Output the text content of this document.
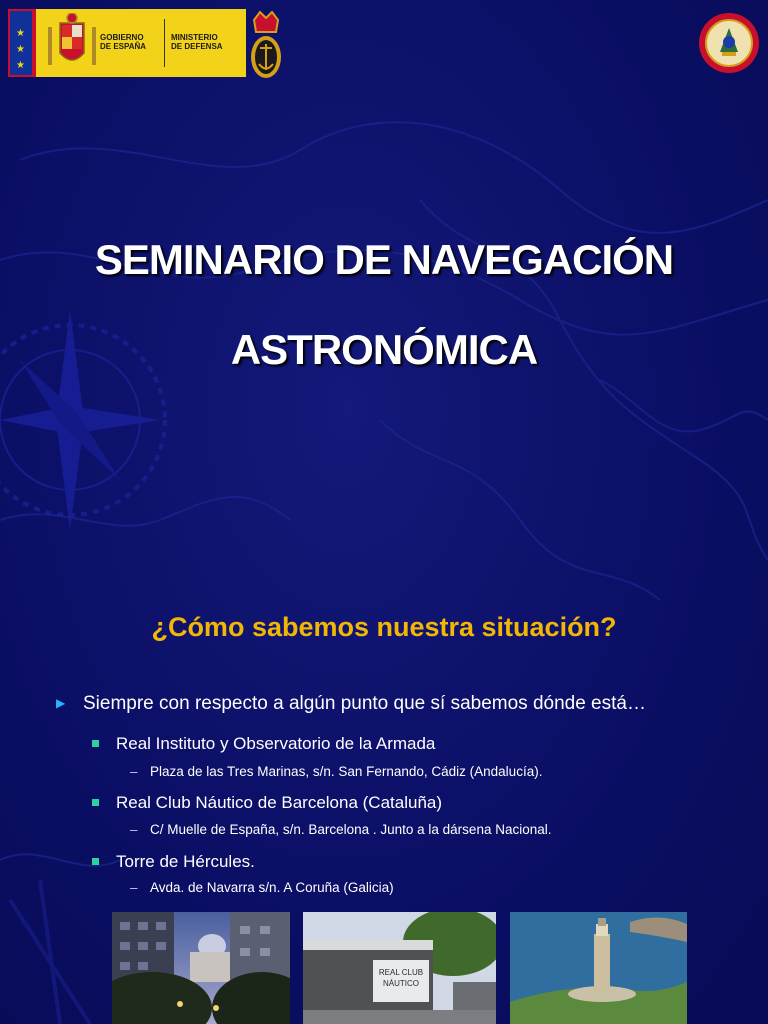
★
★
★
GOBIERNO
DE ESPAÑA
MINISTERIO
DE DEFENSA
SEMINARIO DE NAVEGACIÓN
ASTRONÓMICA
¿Cómo sabemos nuestra situación?
▶ Siempre con respecto a algún punto que sí sabemos dónde está…
Real Instituto y Observatorio de la Armada
– Plaza de las Tres Marinas, s/n. San Fernando, Cádiz (Andalucía).
Real Club Náutico de Barcelona (Cataluña)
– C/ Muelle de España, s/n. Barcelona . Junto a la dársena Nacional.
Torre de Hércules.
– Avda. de Navarra s/n. A Coruña (Galicia)
REAL CLUB
NÁUTICO
